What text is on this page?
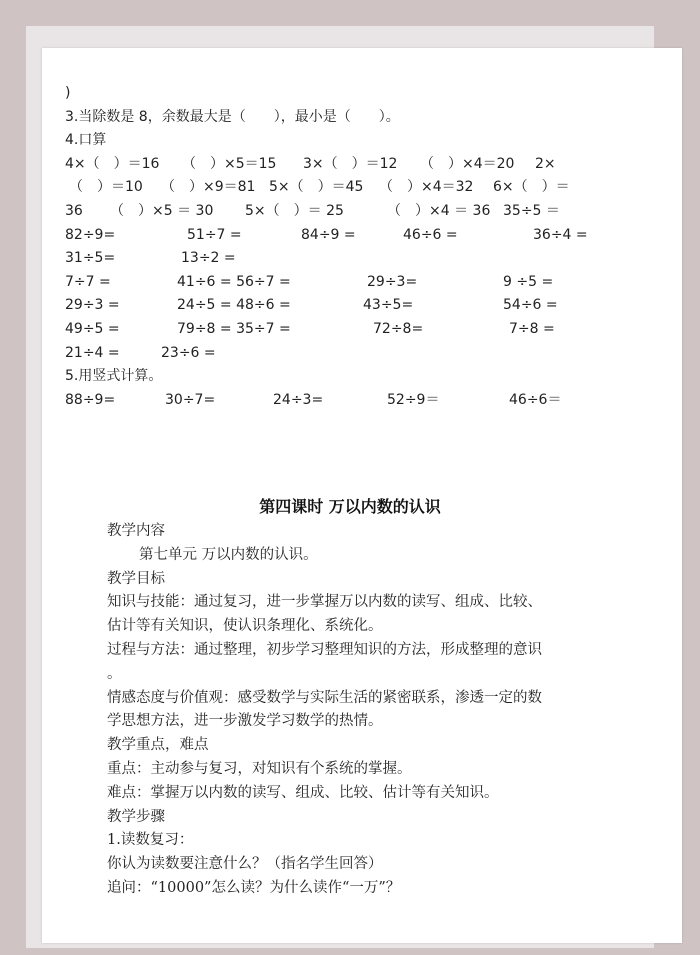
)
3.当除数是 8，余数最大是（　　），最小是（　　）。
4.口算
4×（　）＝16 （　）×5＝15 3×（　）＝12 （　）×4＝20 2×
（　）＝10 （　）×9＝81 5×（　）＝45 （　）×4＝32 6×（　）＝
36 （　）×5 ＝ 30 5×（　）＝ 25	（　）×4 ＝ 36 35÷5 ＝
82÷9=	51÷7 =	84÷9 =	46÷6 =	36÷4 =
31÷5=	13÷2 =
7÷7 =	41÷6 = 56÷7 =	29÷3=	9 ÷5 =
29÷3 =	24÷5 = 48÷6 =	43÷5=	54÷6 =
49÷5 =	79÷8 = 35÷7 =	72÷8=	7÷8 =
21÷4 =	23÷6 =
5.用竖式计算。
88÷9=	30÷7=	24÷3=	52÷9＝	46÷6＝
第四课时 万以内数的认识
教学内容
第七单元 万以内数的认识。
教学目标
知识与技能：通过复习，进一步掌握万以内数的读写、组成、比较、
估计等有关知识，使认识条理化、系统化。
过程与方法：通过整理，初步学习整理知识的方法，形成整理的意识
。
情感态度与价值观：感受数学与实际生活的紧密联系，渗透一定的数
学思想方法，进一步激发学习数学的热情。
教学重点，难点
重点：主动参与复习，对知识有个系统的掌握。
难点：掌握万以内数的读写、组成、比较、估计等有关知识。
教学步骤
1.读数复习：
你认为读数要注意什么？（指名学生回答）
追问：“10000”怎么读？为什么读作“一万”？
